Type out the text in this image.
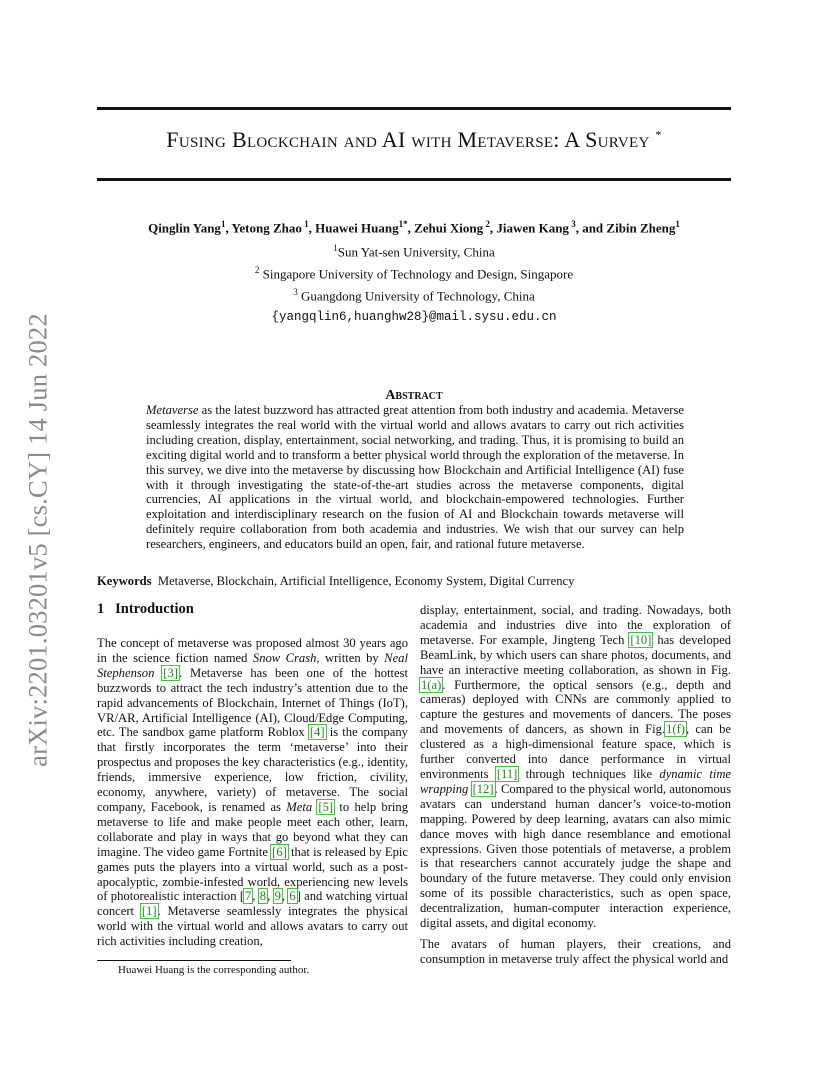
arXiv:2201.03201v5 [cs.CY] 14 Jun 2022
Fusing Blockchain and AI with Metaverse: A Survey *
Qinglin Yang$^1$, Yetong Zhao $^1$, Huawei Huang$^{1*}$, Zehui Xiong $^2$, Jiawen Kang $^3$, and Zibin Zheng$^1$
$^1$Sun Yat-sen University, China
$^2$ Singapore University of Technology and Design, Singapore
$^3$ Guangdong University of Technology, China
{yangqlin6,huanghw28}@mail.sysu.edu.cn
Abstract
Metaverse as the latest buzzword has attracted great attention from both industry and academia. Metaverse seamlessly integrates the real world with the virtual world and allows avatars to carry out rich activities including creation, display, entertainment, social networking, and trading. Thus, it is promising to build an exciting digital world and to transform a better physical world through the exploration of the metaverse. In this survey, we dive into the metaverse by discussing how Blockchain and Artificial Intelligence (AI) fuse with it through investigating the state-of-the-art studies across the metaverse components, digital currencies, AI applications in the virtual world, and blockchain-empowered technologies. Further exploitation and interdisciplinary research on the fusion of AI and Blockchain towards metaverse will definitely require collaboration from both academia and industries. We wish that our survey can help researchers, engineers, and educators build an open, fair, and rational future metaverse.
Keywords Metaverse, Blockchain, Artificial Intelligence, Economy System, Digital Currency
1 Introduction

The concept of metaverse was proposed almost 30 years ago in the science fiction named Snow Crash, written by Neal Stephenson [3]. Metaverse has been one of the hottest buzzwords to attract the tech industry’s attention due to the rapid advancements of Blockchain, Internet of Things (IoT), VR/AR, Artificial Intelligence (AI), Cloud/Edge Computing, etc. The sandbox game platform Roblox [4] is the company that firstly incorporates the term ‘metaverse’ into their prospectus and proposes the key characteristics (e.g., identity, friends, immersive experience, low friction, civility, economy, anywhere, variety) of metaverse. The social company, Facebook, is renamed as Meta [5] to help bring metaverse to life and make people meet each other, learn, collaborate and play in ways that go beyond what they can imagine. The video game Fortnite [6] that is released by Epic games puts the players into a virtual world, such as a post-apocalyptic, zombie-infested world, experiencing new levels of photorealistic interaction [7, 8, 9, 6] and watching virtual concert [1]. Metaverse seamlessly integrates the physical world with the virtual world and allows avatars to carry out rich activities including creation,

display, entertainment, social, and trading. Nowadays, both academia and industries dive into the exploration of metaverse. For example, Jingteng Tech [10] has developed BeamLink, by which users can share photos, documents, and have an interactive meeting collaboration, as shown in Fig. 1(a). Furthermore, the optical sensors (e.g., depth and cameras) deployed with CNNs are commonly applied to capture the gestures and movements of dancers. The poses and movements of dancers, as shown in Fig.1(f), can be clustered as a high-dimensional feature space, which is further converted into dance performance in virtual environments [11] through techniques like dynamic time wrapping [12]. Compared to the physical world, autonomous avatars can understand human dancer’s voice-to-motion mapping. Powered by deep learning, avatars can also mimic dance moves with high dance resemblance and emotional expressions. Given those potentials of metaverse, a problem is that researchers cannot accurately judge the shape and boundary of the future metaverse. They could only envision some of its possible characteristics, such as open space, decentralization, human-computer interaction experience, digital assets, and digital economy.

The avatars of human players, their creations, and consumption in metaverse truly affect the physical world and

Huawei Huang is the corresponding author.
